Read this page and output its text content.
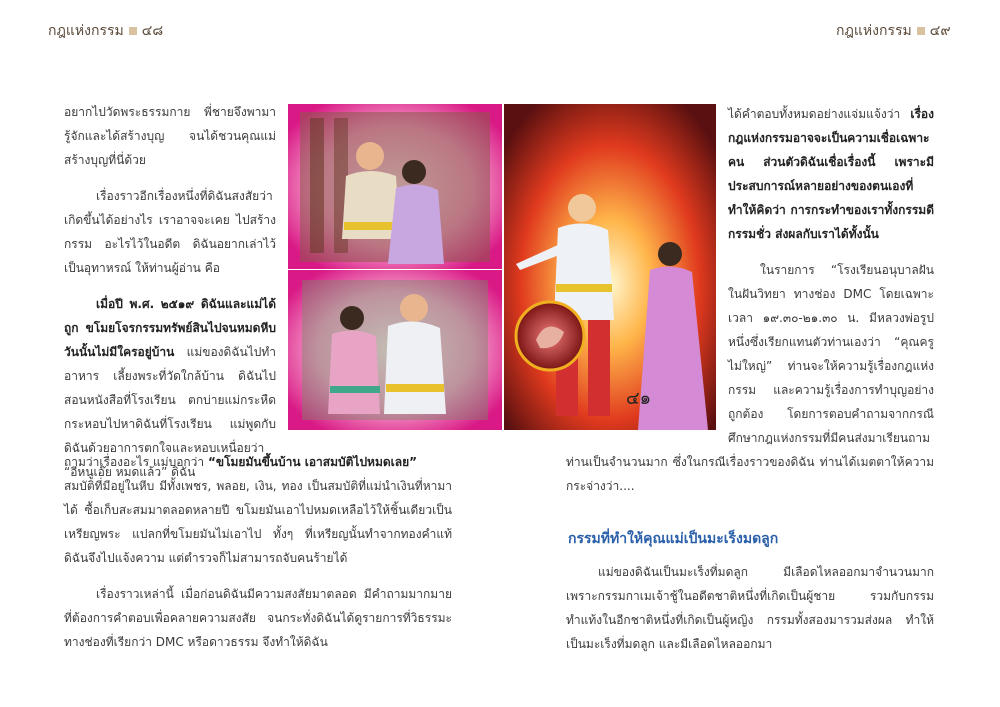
กฎแห่งกรรม ๔๘	กฎแห่งกรรม ๔๙

อยากไปวัดพระธรรมกาย พี่ชายจึงพามารู้จักและได้สร้างบุญ จนได้ชวนคุณแม่สร้างบุญที่นี่ด้วย

เรื่องราวอีกเรื่องหนึ่งที่ดิฉันสงสัยว่า เกิดขึ้นได้อย่างไร เราอาจจะเคย ไปสร้างกรรม อะไรไว้ในอดีต ดิฉันอยากเล่าไว้เป็นอุทาหรณ์ ให้ท่านผู้อ่าน คือ

เมื่อปี พ.ศ. ๒๕๑๙ ดิฉันและแม่ได้ถูก ขโมยโจรกรรมทรัพย์สินไปจนหมดหีบ วันนั้นไม่มีใครอยู่บ้าน แม่ของดิฉันไปทำอาหาร เลี้ยงพระที่วัดใกล้บ้าน ดิฉันไปสอนหนังสือที่โรงเรียน ตกบ่ายแม่กระหืดกระหอบไปหาดิฉันที่โรงเรียน แม่พูดกับดิฉันด้วยอาการตกใจและหอบเหนื่อยว่า “อีหนูเอ๊ย หมดแล้ว” ดิฉัน

๔๑

ถามว่าเรื่องอะไร แม่บอกว่า “ขโมยมันขึ้นบ้าน เอาสมบัติไปหมดเลย”

สมบัติที่มีอยู่ในหีบ มีทั้งเพชร, พลอย, เงิน, ทอง เป็นสมบัติที่แม่นำเงินที่หามาได้ ซื้อเก็บสะสมมาตลอดหลายปี ขโมยมันเอาไปหมดเหลือไว้ให้ชิ้นเดียวเป็นเหรียญพระ แปลกที่ขโมยมันไม่เอาไป ทั้งๆ ที่เหรียญนั้นทำจากทองคำแท้ ดิฉันจึงไปแจ้งความ แต่ตำรวจก็ไม่สามารถจับคนร้ายได้

เรื่องราวเหล่านี้ เมื่อก่อนดิฉันมีความสงสัยมาตลอด มีคำถามมากมาย ที่ต้องการคำตอบเพื่อคลายความสงสัย จนกระทั่งดิฉันได้ดูรายการที่วิธรรมะ ทางช่องที่เรียกว่า DMC หรือดาวธรรม จึงทำให้ดิฉัน

ได้คำตอบทั้งหมดอย่างแจ่มแจ้งว่า เรื่องกฎแห่งกรรมอาจจะเป็นความเชื่อเฉพาะคน ส่วนตัวดิฉันเชื่อเรื่องนี้ เพราะมีประสบการณ์หลายอย่างของตนเองที่ทำให้คิดว่า การกระทำของเราทั้งกรรมดี กรรมชั่ว ส่งผลกับเราได้ทั้งนั้น

ในรายการ “โรงเรียนอนุบาลฝันในฝันวิทยา ทางช่อง DMC โดยเฉพาะเวลา ๑๙.๓๐-๒๑.๓๐ น. มีหลวงพ่อรูปหนึ่งซึ่งเรียกแทนตัวท่านเองว่า “คุณครูไม่ใหญ่” ท่านจะให้ความรู้เรื่องกฎแห่งกรรม และความรู้เรื่องการทำบุญอย่างถูกต้อง โดยการตอบคำถามจากกรณีศึกษากฎแห่งกรรมที่มีคนส่งมาเรียนถาม

ท่านเป็นจำนวนมาก ซึ่งในกรณีเรื่องราวของดิฉัน ท่านได้เมตตาให้ความกระจ่างว่า....

กรรมที่ทำให้คุณแม่เป็นมะเร็งมดลูก

แม่ของดิฉันเป็นมะเร็งที่มดลูก มีเลือดไหลออกมาจำนวนมาก เพราะกรรมกาเมเจ้าชู้ในอดีตชาติหนึ่งที่เกิดเป็นผู้ชาย รวมกับกรรมทำแท้งในอีกชาติหนึ่งที่เกิดเป็นผู้หญิง กรรมทั้งสองมารวมส่งผล ทำให้เป็นมะเร็งที่มดลูก และมีเลือดไหลออกมา
